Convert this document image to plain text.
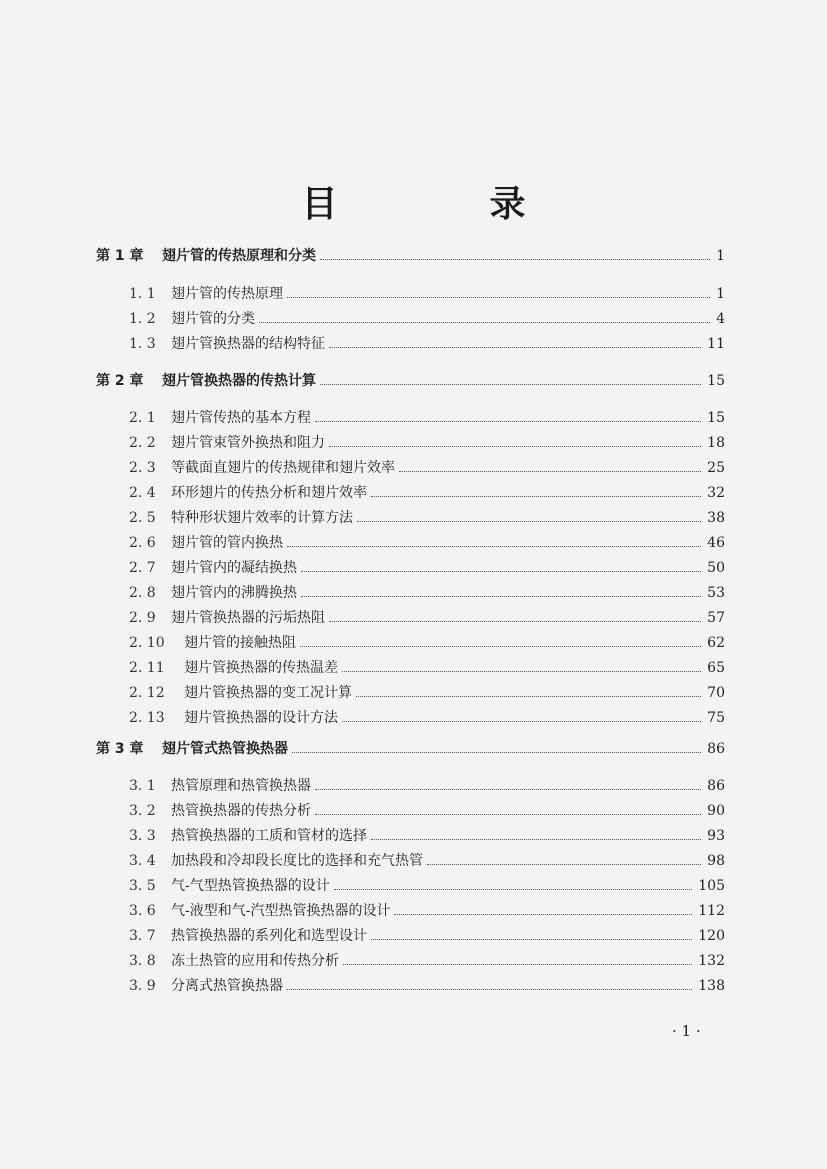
目　录
第 1 章	翅片管的传热原理和分类	1
1. 1	翅片管的传热原理	1
1. 2	翅片管的分类	4
1. 3	翅片管换热器的结构特征	11
第 2 章	翅片管换热器的传热计算	15
2. 1	翅片管传热的基本方程	15
2. 2	翅片管束管外换热和阻力	18
2. 3	等截面直翅片的传热规律和翅片效率	25
2. 4	环形翅片的传热分析和翅片效率	32
2. 5	特种形状翅片效率的计算方法	38
2. 6	翅片管的管内换热	46
2. 7	翅片管内的凝结换热	50
2. 8	翅片管内的沸腾换热	53
2. 9	翅片管换热器的污垢热阻	57
2. 10	翅片管的接触热阻	62
2. 11	翅片管换热器的传热温差	65
2. 12	翅片管换热器的变工况计算	70
2. 13	翅片管换热器的设计方法	75
第 3 章	翅片管式热管换热器	86
3. 1	热管原理和热管换热器	86
3. 2	热管换热器的传热分析	90
3. 3	热管换热器的工质和管材的选择	93
3. 4	加热段和冷却段长度比的选择和充气热管	98
3. 5	气-气型热管换热器的设计	105
3. 6	气-液型和气-汽型热管换热器的设计	112
3. 7	热管换热器的系列化和选型设计	120
3. 8	冻土热管的应用和传热分析	132
3. 9	分离式热管换热器	138
· 1 ·
